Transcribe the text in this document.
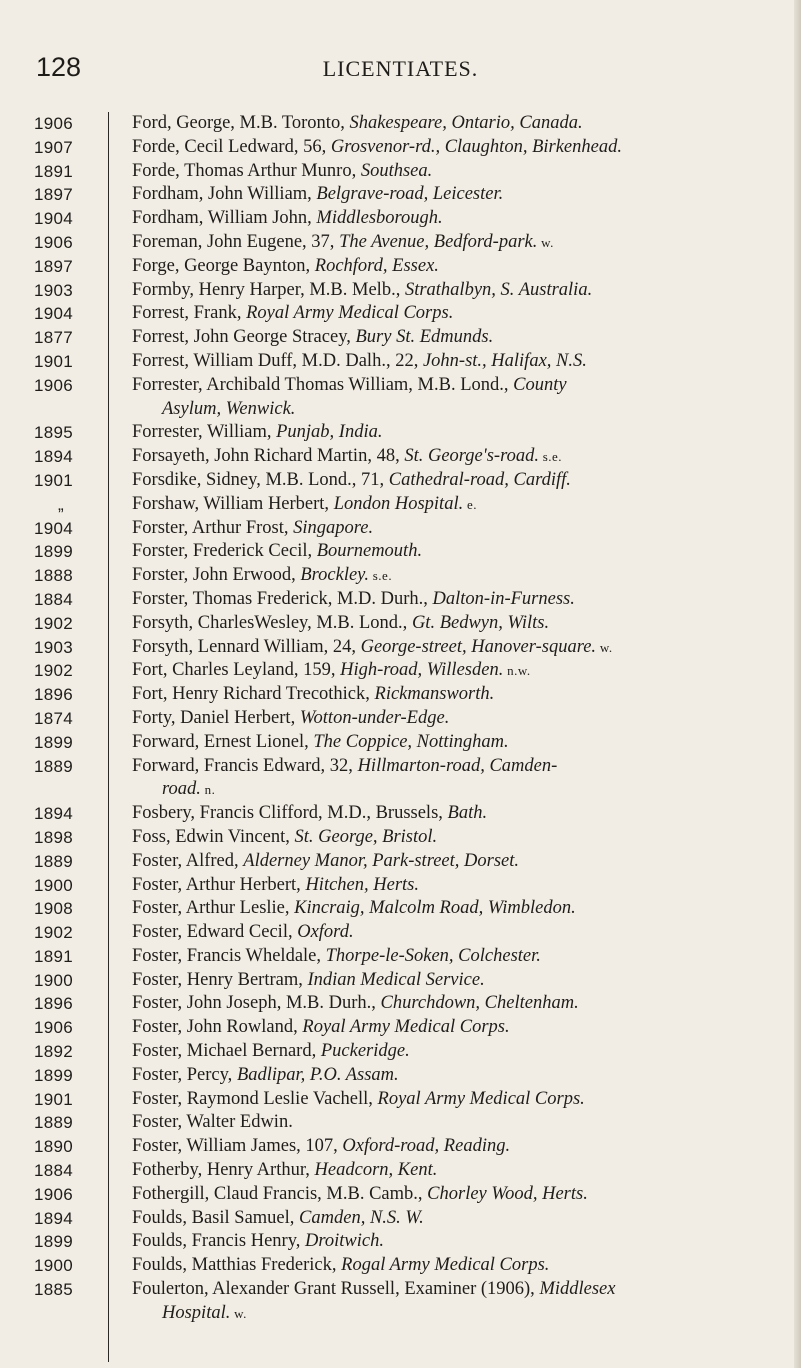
128	LICENTIATES.
1906	Ford, George, M.B. Toronto, Shakespeare, Ontario, Canada.
1907	Forde, Cecil Ledward, 56, Grosvenor-rd., Claughton, Birkenhead.
1891	Forde, Thomas Arthur Munro, Southsea.
1897	Fordham, John William, Belgrave-road, Leicester.
1904	Fordham, William John, Middlesborough.
1906	Foreman, John Eugene, 37, The Avenue, Bedford-park. w.
1897	Forge, George Baynton, Rochford, Essex.
1903	Formby, Henry Harper, M.B. Melb., Strathalbyn, S. Australia.
1904	Forrest, Frank, Royal Army Medical Corps.
1877	Forrest, John George Stracey, Bury St. Edmunds.
1901	Forrest, William Duff, M.D. Dalh., 22, John-st., Halifax, N.S.
1906	Forrester, Archibald Thomas William, M.B. Lond., County
Asylum, Wenwick.
1895	Forrester, William, Punjab, India.
1894	Forsayeth, John Richard Martin, 48, St. George's-road. s.e.
1901	Forsdike, Sidney, M.B. Lond., 71, Cathedral-road, Cardiff.
„	Forshaw, William Herbert, London Hospital. e.
1904	Forster, Arthur Frost, Singapore.
1899	Forster, Frederick Cecil, Bournemouth.
1888	Forster, John Erwood, Brockley. s.e.
1884	Forster, Thomas Frederick, M.D. Durh., Dalton-in-Furness.
1902	Forsyth, CharlesWesley, M.B. Lond., Gt. Bedwyn, Wilts.
1903	Forsyth, Lennard William, 24, George-street, Hanover-square. w.
1902	Fort, Charles Leyland, 159, High-road, Willesden. n.w.
1896	Fort, Henry Richard Trecothick, Rickmansworth.
1874	Forty, Daniel Herbert, Wotton-under-Edge.
1899	Forward, Ernest Lionel, The Coppice, Nottingham.
1889	Forward, Francis Edward, 32, Hillmarton-road, Camden-
road. n.
1894	Fosbery, Francis Clifford, M.D., Brussels, Bath.
1898	Foss, Edwin Vincent, St. George, Bristol.
1889	Foster, Alfred, Alderney Manor, Park-street, Dorset.
1900	Foster, Arthur Herbert, Hitchen, Herts.
1908	Foster, Arthur Leslie, Kincraig, Malcolm Road, Wimbledon.
1902	Foster, Edward Cecil, Oxford.
1891	Foster, Francis Wheldale, Thorpe-le-Soken, Colchester.
1900	Foster, Henry Bertram, Indian Medical Service.
1896	Foster, John Joseph, M.B. Durh., Churchdown, Cheltenham.
1906	Foster, John Rowland, Royal Army Medical Corps.
1892	Foster, Michael Bernard, Puckeridge.
1899	Foster, Percy, Badlipar, P.O. Assam.
1901	Foster, Raymond Leslie Vachell, Royal Army Medical Corps.
1889	Foster, Walter Edwin.
1890	Foster, William James, 107, Oxford-road, Reading.
1884	Fotherby, Henry Arthur, Headcorn, Kent.
1906	Fothergill, Claud Francis, M.B. Camb., Chorley Wood, Herts.
1894	Foulds, Basil Samuel, Camden, N.S. W.
1899	Foulds, Francis Henry, Droitwich.
1900	Foulds, Matthias Frederick, Rogal Army Medical Corps.
1885	Foulerton, Alexander Grant Russell, Examiner (1906), Middlesex
Hospital. w.
